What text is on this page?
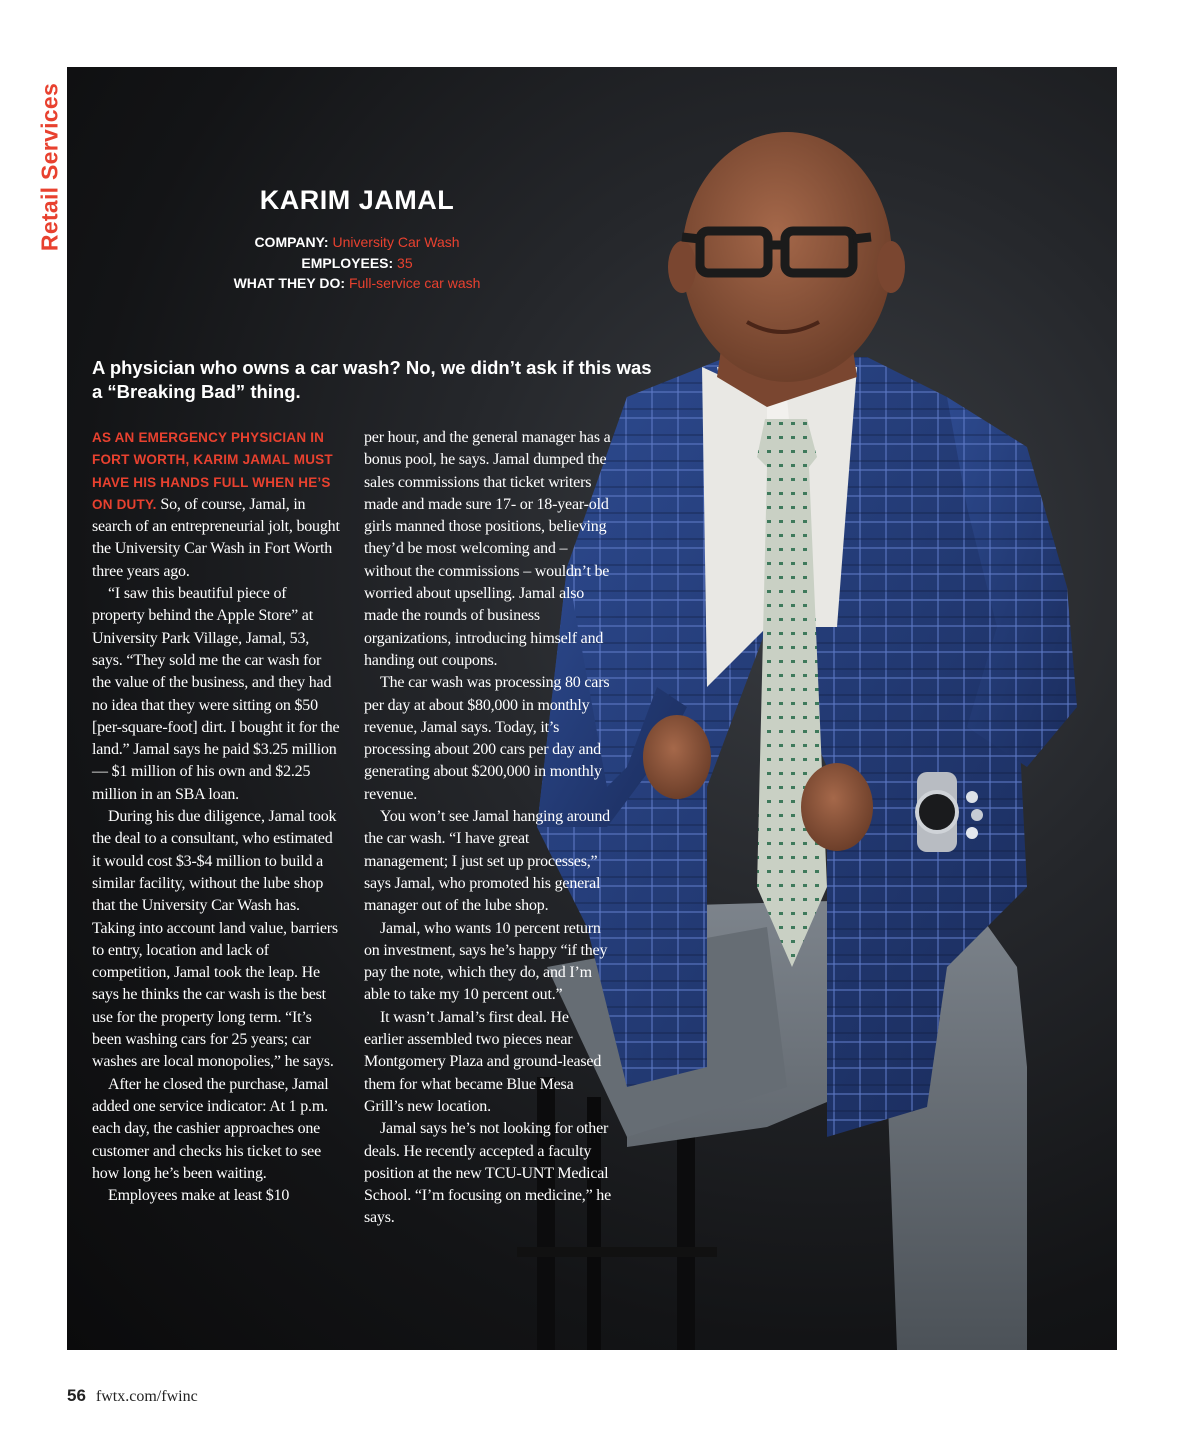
Retail Services	KARIM JAMAL
COMPANY: University Car Wash
EMPLOYEES: 35
WHAT THEY DO: Full-service car wash
A physician who owns a car wash? No, we didn’t ask if this was a “Breaking Bad” thing.

AS AN EMERGENCY PHYSICIAN IN FORT WORTH, KARIM JAMAL MUST HAVE HIS HANDS FULL WHEN HE’S ON DUTY. So, of course, Jamal, in search of an entrepreneurial jolt, bought the University Car Wash in Fort Worth three years ago.

“I saw this beautiful piece of property behind the Apple Store” at University Park Village, Jamal, 53, says. “They sold me the car wash for the value of the business, and they had no idea that they were sitting on $50 [per-square-foot] dirt. I bought it for the land.” Jamal says he paid $3.25 million — $1 million of his own and $2.25 million in an SBA loan.

During his due diligence, Jamal took the deal to a consultant, who estimated it would cost $3-$4 million to build a similar facility, without the lube shop that the University Car Wash has. Taking into account land value, barriers to entry, location and lack of competition, Jamal took the leap. He says he thinks the car wash is the best use for the property long term. “It’s been washing cars for 25 years; car washes are local monopolies,” he says.

After he closed the purchase, Jamal added one service indicator: At 1 p.m. each day, the cashier approaches one customer and checks his ticket to see how long he’s been waiting.

Employees make at least $10

per hour, and the general manager has a bonus pool, he says. Jamal dumped the sales commissions that ticket writers made and made sure 17- or 18-year-old girls manned those positions, believing they’d be most welcoming and – without the commissions – wouldn’t be worried about upselling. Jamal also made the rounds of business organizations, introducing himself and handing out coupons.

The car wash was processing 80 cars per day at about $80,000 in monthly revenue, Jamal says. Today, it’s processing about 200 cars per day and generating about $200,000 in monthly revenue.

You won’t see Jamal hanging around the car wash. “I have great management; I just set up processes,” says Jamal, who promoted his general manager out of the lube shop.

Jamal, who wants 10 percent return on investment, says he’s happy “if they pay the note, which they do, and I’m able to take my 10 percent out.”

It wasn’t Jamal’s first deal. He earlier assembled two pieces near Montgomery Plaza and ground-leased them for what became Blue Mesa Grill’s new location.

Jamal says he’s not looking for other deals. He recently accepted a faculty position at the new TCU-UNT Medical School. “I’m focusing on medicine,” he says.

56 fwtx.com/fwinc
